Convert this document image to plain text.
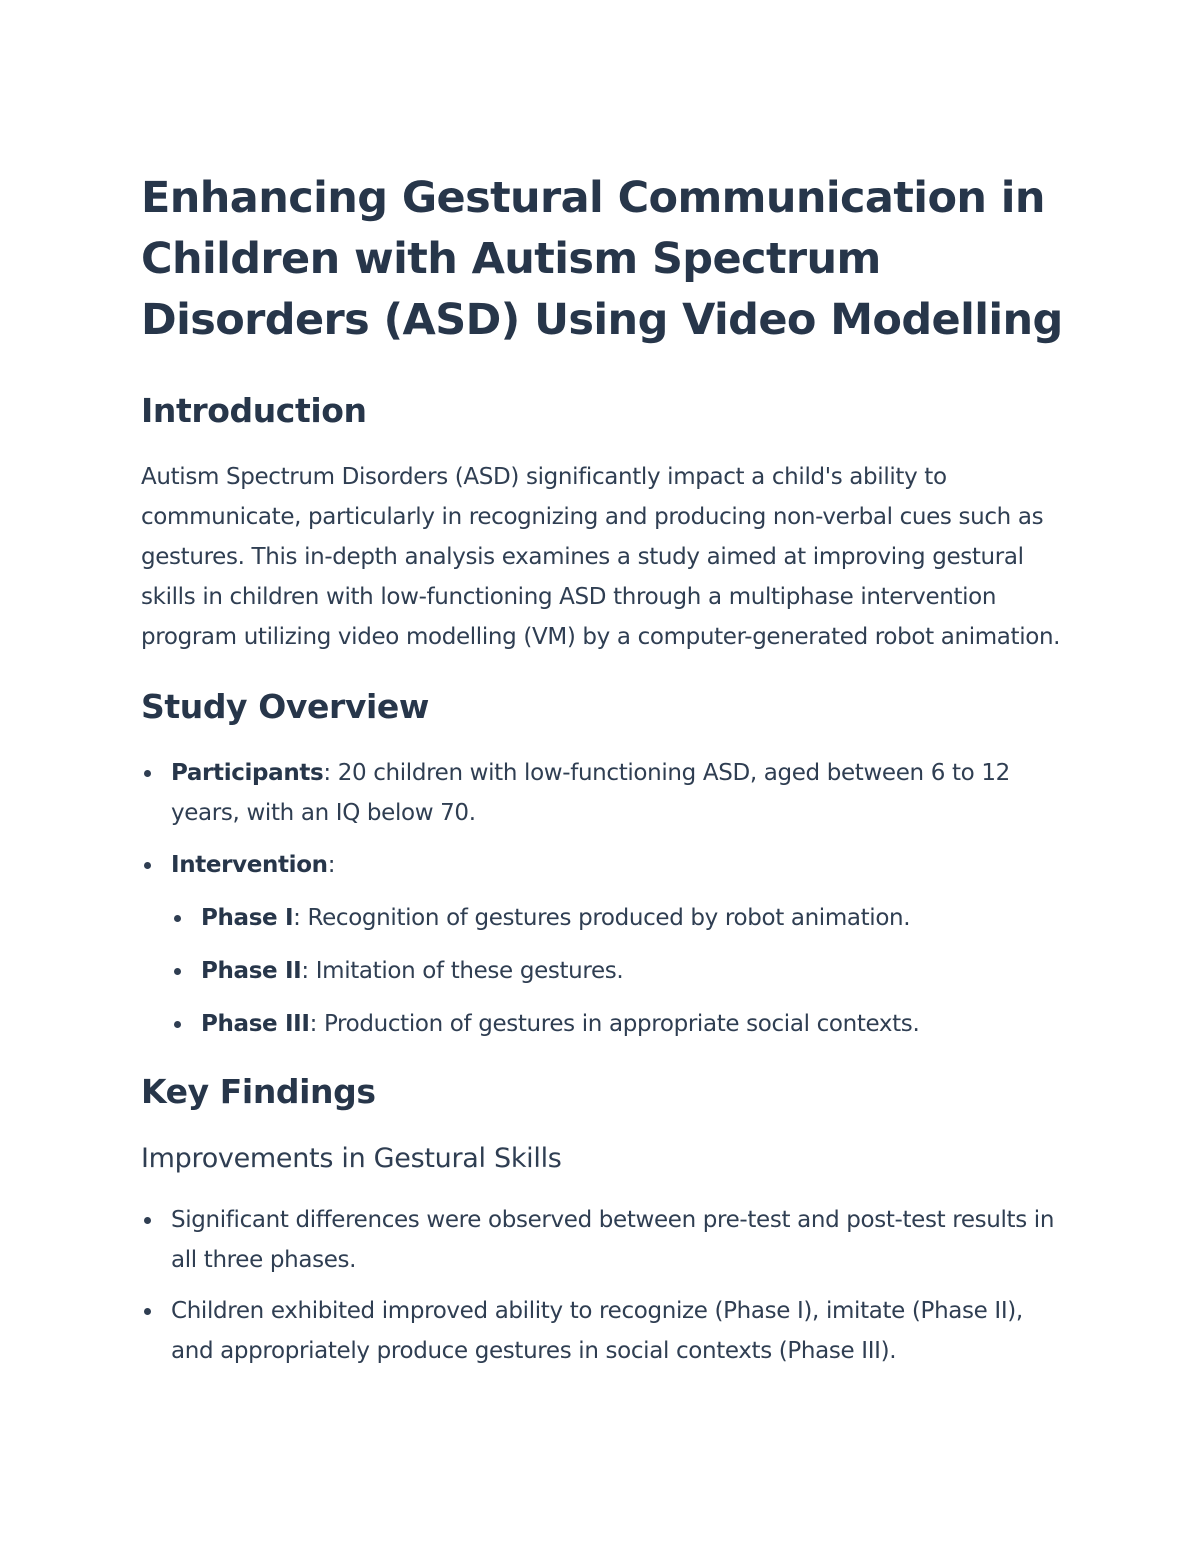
Enhancing Gestural Communication in Children with Autism Spectrum Disorders (ASD) Using Video Modelling
Introduction

Autism Spectrum Disorders (ASD) significantly impact a child's ability to communicate, particularly in recognizing and producing non-verbal cues such as gestures. This in-depth analysis examines a study aimed at improving gestural skills in children with low-functioning ASD through a multiphase intervention program utilizing video modelling (VM) by a computer-generated robot animation.

Study Overview
Participants: 20 children with low-functioning ASD, aged between 6 to 12 years, with an IQ below 70.
Intervention:
Phase I: Recognition of gestures produced by robot animation.
Phase II: Imitation of these gestures.
Phase III: Production of gestures in appropriate social contexts.
Key Findings
Improvements in Gestural Skills
Significant differences were observed between pre-test and post-test results in all three phases.
Children exhibited improved ability to recognize (Phase I), imitate (Phase II), and appropriately produce gestures in social contexts (Phase III).
